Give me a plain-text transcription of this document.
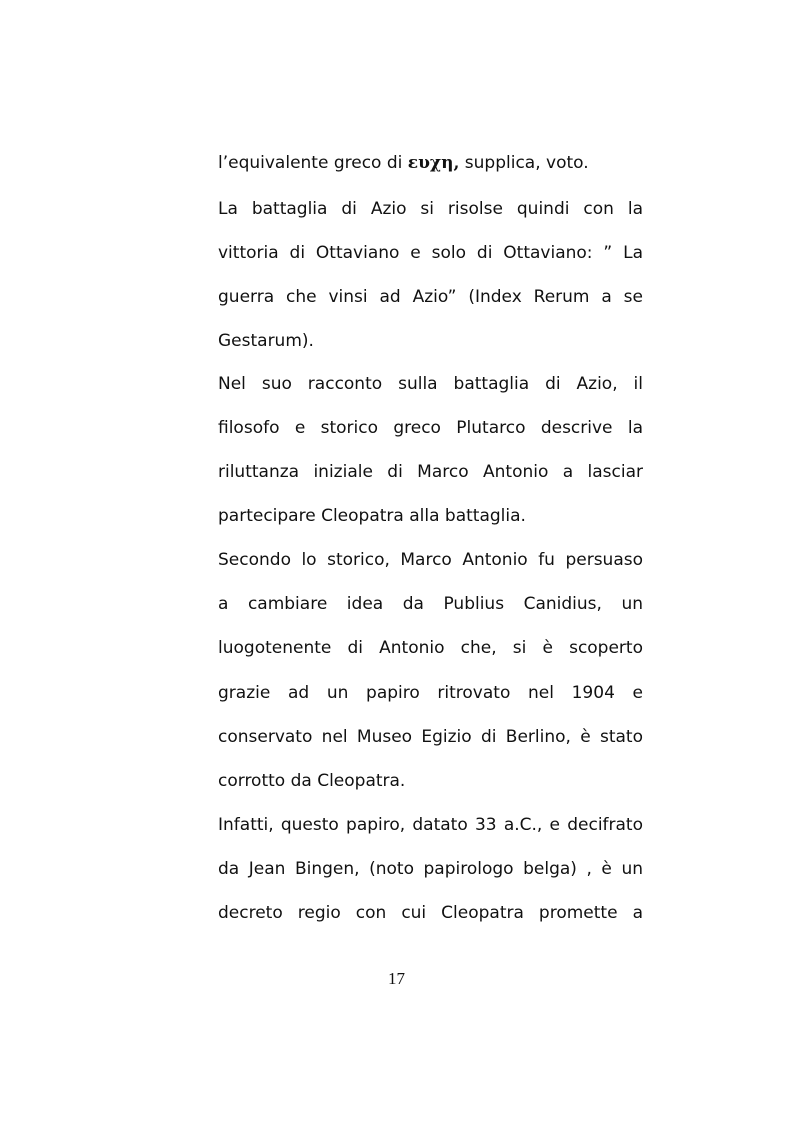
l’equivalente greco di ευχη, supplica, voto.
La battaglia di Azio si risolse quindi con la
vittoria di Ottaviano e solo di Ottaviano: ” La
guerra che vinsi ad Azio” (Index Rerum a se
Gestarum).
Nel suo racconto sulla battaglia di Azio, il
filosofo e storico greco Plutarco descrive la
riluttanza iniziale di Marco Antonio a lasciar
partecipare Cleopatra alla battaglia.
Secondo lo storico, Marco Antonio fu persuaso
a cambiare idea da Publius Canidius, un
luogotenente di Antonio che, si è scoperto
grazie ad un papiro ritrovato nel 1904 e
conservato nel Museo Egizio di Berlino, è stato
corrotto da Cleopatra.
Infatti, questo papiro, datato 33 a.C., e decifrato
da Jean Bingen, (noto papirologo belga) , è un
decreto regio con cui Cleopatra promette a
17
